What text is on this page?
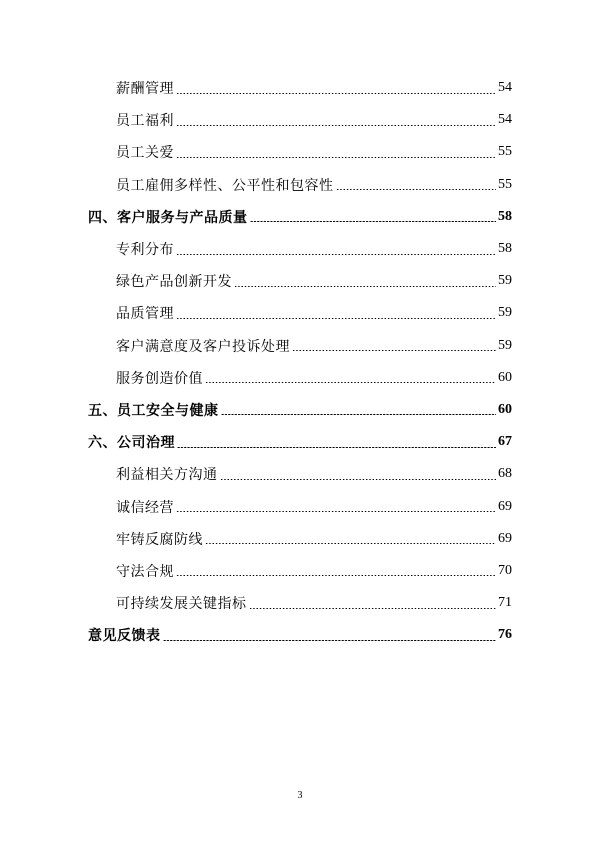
薪酬管理	54
员工福利	54
员工关爱	55
员工雇佣多样性、公平性和包容性	55
四、客户服务与产品质量	58
专利分布	58
绿色产品创新开发	59
品质管理	59
客户满意度及客户投诉处理	59
服务创造价值	60
五、员工安全与健康	60
六、公司治理	67
利益相关方沟通	68
诚信经营	69
牢铸反腐防线	69
守法合规	70
可持续发展关键指标	71
意见反馈表	76
3
